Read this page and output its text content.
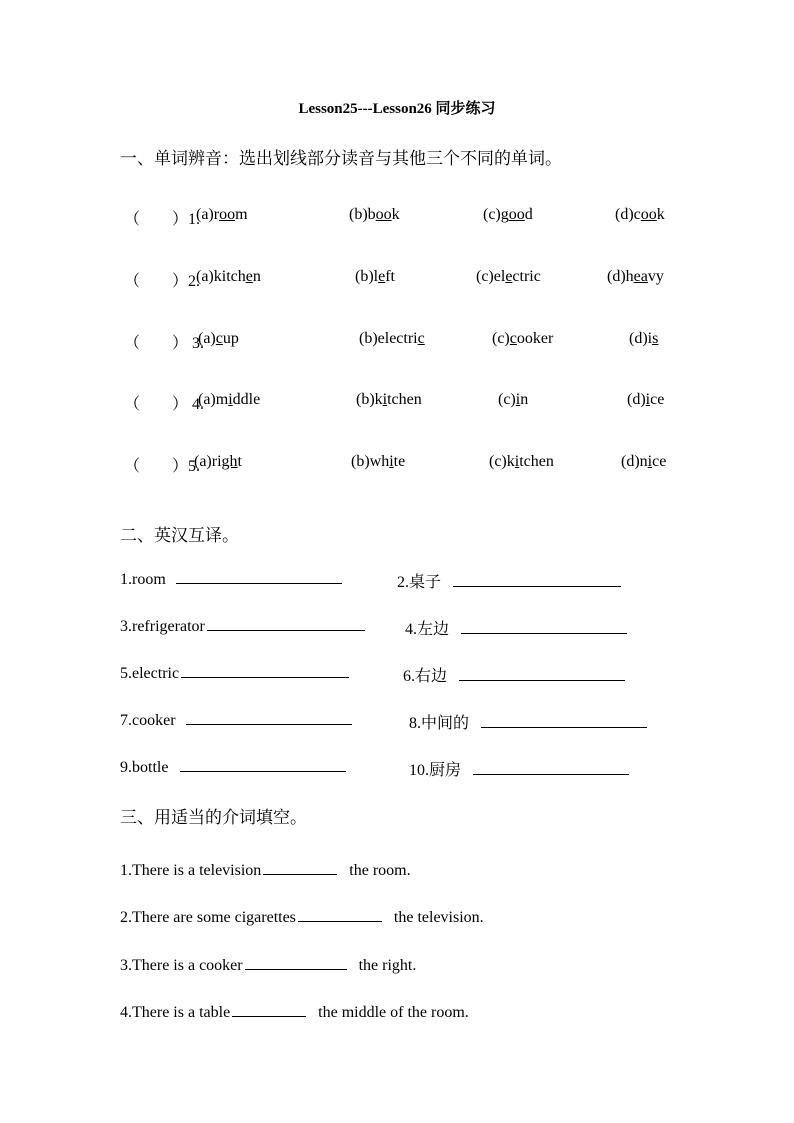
Lesson25---Lesson26 同步练习
一、单词辨音：选出划线部分读音与其他三个不同的单词。
（　　）1.
(a)room	(b)book	(c)good	(d)cook
（　　）2.
(a)kitchen	(b)left	(c)electric	(d)heavy
（　　） 3.
(a)cup	(b)electric	(c)cooker	(d)is
（　　） 4.
(a)middle	(b)kitchen	(c)in	(d)ice
（　　）5.
(a)right	(b)white	(c)kitchen	(d)nice
二、英汉互译。
1.room	2.桌子
3.refrigerator	4.左边
5.electric	6.右边
7.cooker	8.中间的
9.bottle	10.厨房
三、用适当的介词填空。
1.There is a television	the room.
2.There are some cigarettes	the television.
3.There is a cooker	the right.
4.There is a table	the middle of the room.
